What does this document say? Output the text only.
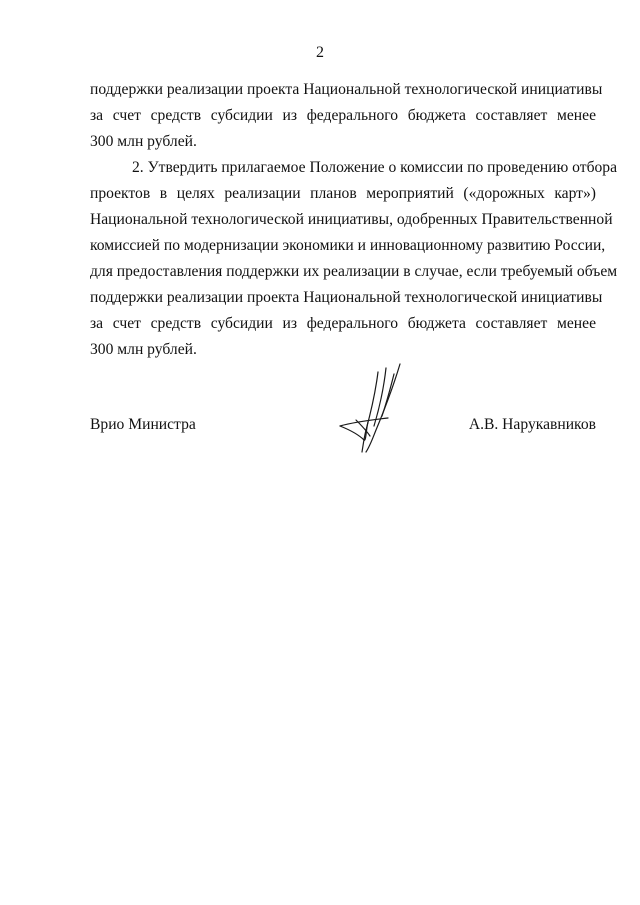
2

поддержки реализации проекта Национальной технологической инициативы
за счет средств субсидии из федерального бюджета составляет менее
300 млн рублей.

2. Утвердить прилагаемое Положение о комиссии по проведению отбора
проектов в целях реализации планов мероприятий («дорожных карт»)
Национальной технологической инициативы, одобренных Правительственной
комиссией по модернизации экономики и инновационному развитию России,
для предоставления поддержки их реализации в случае, если требуемый объем
поддержки реализации проекта Национальной технологической инициативы
за счет средств субсидии из федерального бюджета составляет менее
300 млн рублей.

Врио Министра	А.В. Нарукавников
